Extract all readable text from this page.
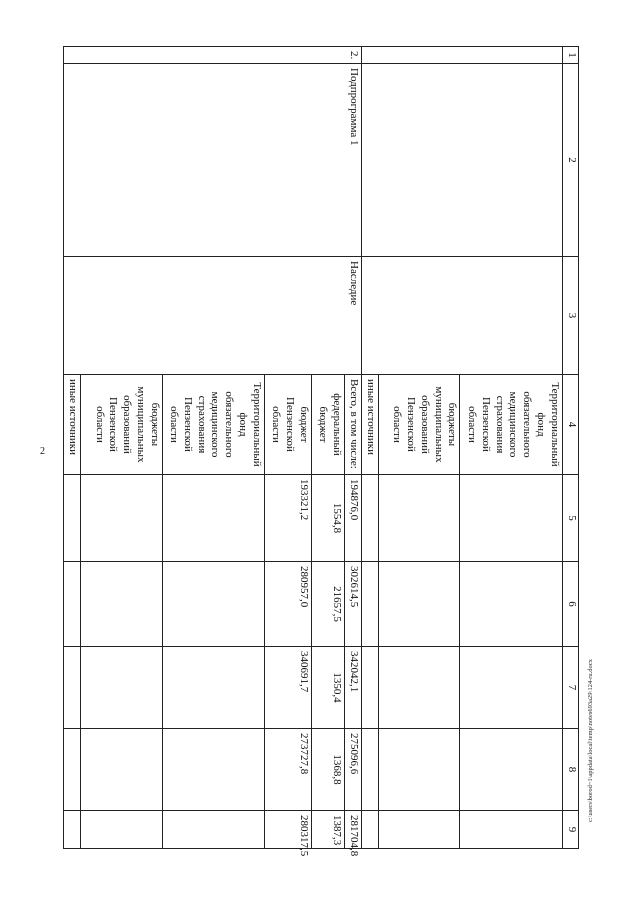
2
1	2	3	4	5	6	7	8	9
			Территориальный фонд обязательного медицинского страхования Пензенской области					
			бюджеты муниципальных образований Пензенской области					
			иные источники					
2.	Подпрограмма 1	Наследие	Всего, в том числе:	194876,0	302614,5	342042,1	275096,6	281704,8
			федеральный бюджет	1554,8	21657,5	1350,4	1368,8	1387,3
			бюджет Пензенской области	193321,2	280957,0	340691,7	273727,8	280317,5
			Территориальный фонд обязательного медицинского страхования Пензенской области					
			бюджеты муниципальных образований Пензенской области					
			иные источники					
c:\users\borod~1\appdata\local\temp\notes693a29\124-ru.docx
